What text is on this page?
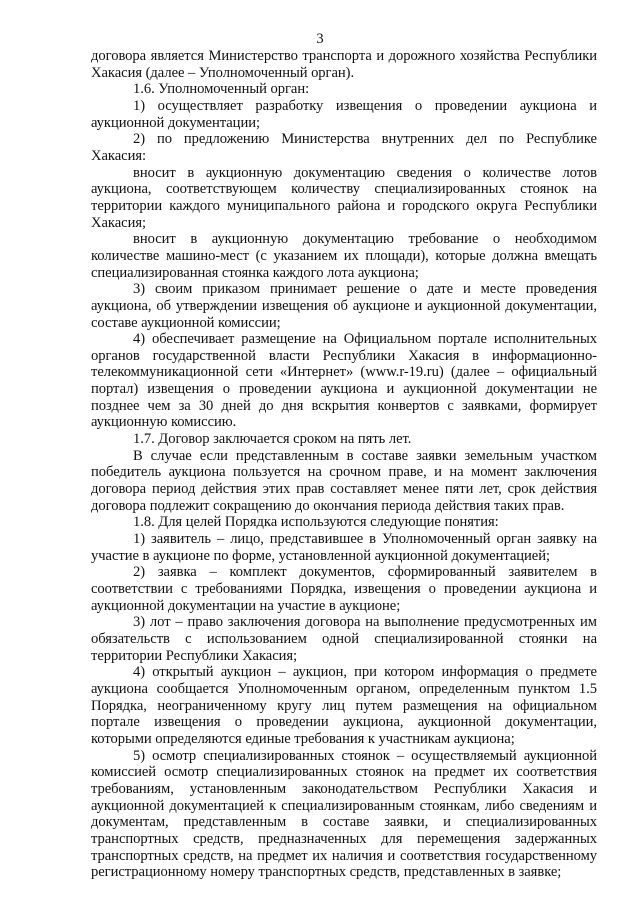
3

договора является Министерство транспорта и дорожного хозяйства Республики Хакасия (далее – Уполномоченный орган).

1.6. Уполномоченный орган:

1) осуществляет разработку извещения о проведении аукциона и аукционной документации;

2) по предложению Министерства внутренних дел по Республике Хакасия:

вносит в аукционную документацию сведения о количестве лотов аукциона, соответствующем количеству специализированных стоянок на территории каждого муниципального района и городского округа Республики Хакасия;

вносит в аукционную документацию требование о необходимом количестве машино-мест (с указанием их площади), которые должна вмещать специализированная стоянка каждого лота аукциона;

3) своим приказом принимает решение о дате и месте проведения аукциона, об утверждении извещения об аукционе и аукционной документации, составе аукционной комиссии;

4) обеспечивает размещение на Официальном портале исполнительных органов государственной власти Республики Хакасия в информационно-телекоммуникационной сети «Интернет» (www.r-19.ru) (далее – официальный портал) извещения о проведении аукциона и аукционной документации не позднее чем за 30 дней до дня вскрытия конвертов с заявками, формирует аукционную комиссию.

1.7. Договор заключается сроком на пять лет.

В случае если представленным в составе заявки земельным участком победитель аукциона пользуется на срочном праве, и на момент заключения договора период действия этих прав составляет менее пяти лет, срок действия договора подлежит сокращению до окончания периода действия таких прав.

1.8. Для целей Порядка используются следующие понятия:

1) заявитель – лицо, представившее в Уполномоченный орган заявку на участие в аукционе по форме, установленной аукционной документацией;

2) заявка – комплект документов, сформированный заявителем в соответствии с требованиями Порядка, извещения о проведении аукциона и аукционной документации на участие в аукционе;

3) лот – право заключения договора на выполнение предусмотренных им обязательств с использованием одной специализированной стоянки на территории Республики Хакасия;

4) открытый аукцион – аукцион, при котором информация о предмете аукциона сообщается Уполномоченным органом, определенным пунктом 1.5 Порядка, неограниченному кругу лиц путем размещения на официальном портале извещения о проведении аукциона, аукционной документации, которыми определяются единые требования к участникам аукциона;

5) осмотр специализированных стоянок – осуществляемый аукционной комиссией осмотр специализированных стоянок на предмет их соответствия требованиям, установленным законодательством Республики Хакасия и аукционной документацией к специализированным стоянкам, либо сведениям и документам, представленным в составе заявки, и специализированных транспортных средств, предназначенных для перемещения задержанных транспортных средств, на предмет их наличия и соответствия государственному регистрационному номеру транспортных средств, представленных в заявке;
